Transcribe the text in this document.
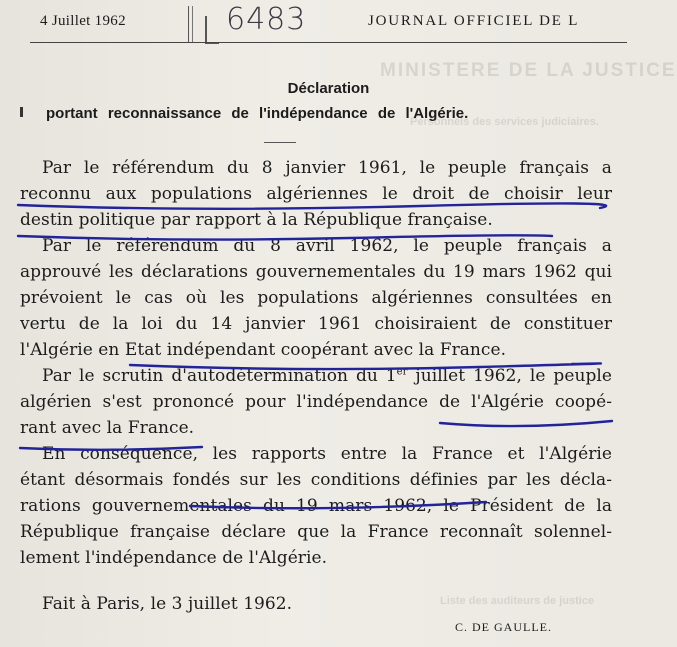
MINISTERE DE LA JUSTICE
Personnels des services judiciaires.
Liste des auditeurs de justice
4 Juillet 1962	6483	JOURNAL OFFICIEL DE L
Déclaration
portant reconnaissance de l'indépendance de l'Algérie.
Par le référendum du 8 janvier 1961, le peuple français a
reconnu aux populations algériennes le droit de choisir leur
destin politique par rapport à la République française.
Par le référendum du 8 avril 1962, le peuple français a
approuvé les déclarations gouvernementales du 19 mars 1962 qui
prévoient le cas où les populations algériennes consultées en
vertu de la loi du 14 janvier 1961 choisiraient de constituer
l'Algérie en Etat indépendant coopérant avec la France.
Par le scrutin d'autodétermination du 1er juillet 1962, le peuple
algérien s'est prononcé pour l'indépendance de l'Algérie coopé-
rant avec la France.
En conséquence, les rapports entre la France et l'Algérie
étant désormais fondés sur les conditions définies par les décla-
rations gouvernementales du 19 mars 1962, le Président de la
République française déclare que la France reconnaît solennel-
lement l'indépendance de l'Algérie.
Fait à Paris, le 3 juillet 1962.
C. DE GAULLE.
